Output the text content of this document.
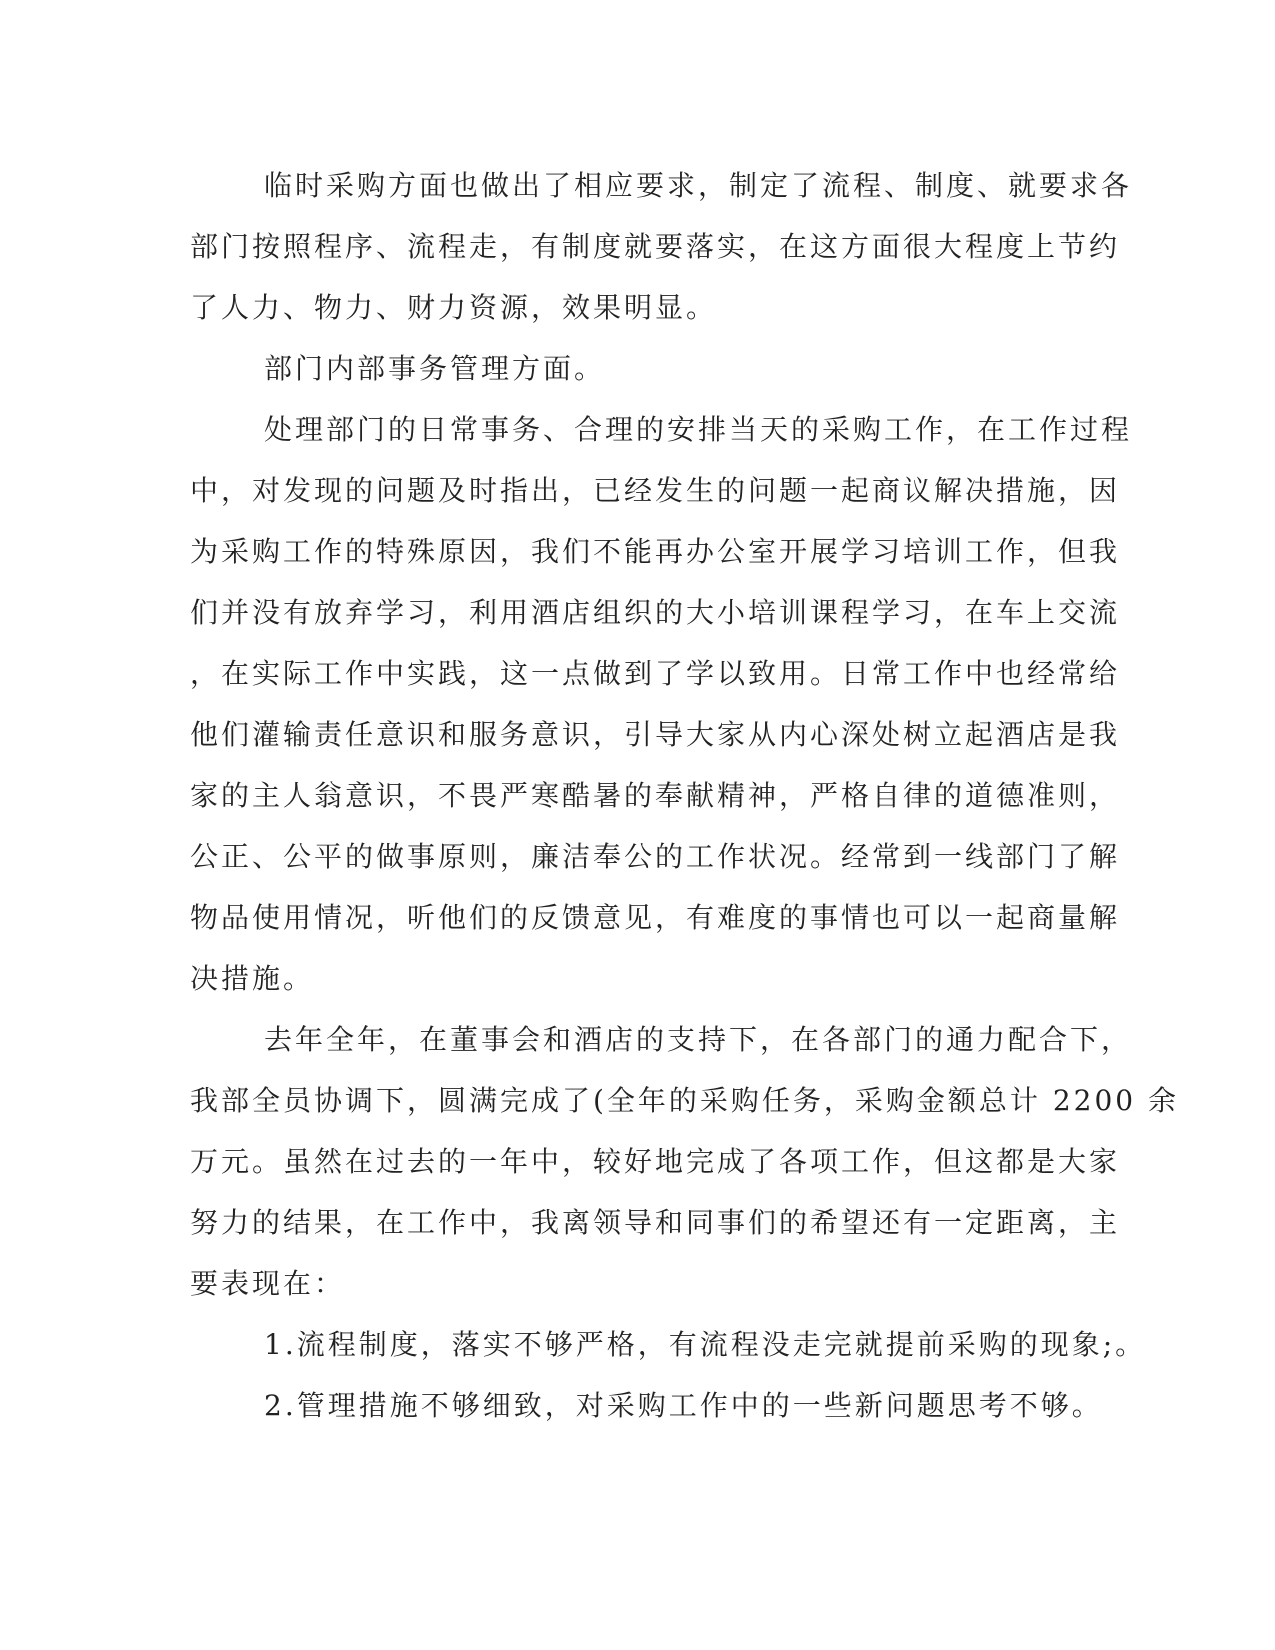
临时采购方面也做出了相应要求，制定了流程、制度、就要求各
部门按照程序、流程走，有制度就要落实，在这方面很大程度上节约
了人力、物力、财力资源，效果明显。
部门内部事务管理方面。
处理部门的日常事务、合理的安排当天的采购工作，在工作过程
中，对发现的问题及时指出，已经发生的问题一起商议解决措施，因
为采购工作的特殊原因，我们不能再办公室开展学习培训工作，但我
们并没有放弃学习，利用酒店组织的大小培训课程学习，在车上交流
，在实际工作中实践，这一点做到了学以致用。日常工作中也经常给
他们灌输责任意识和服务意识，引导大家从内心深处树立起酒店是我
家的主人翁意识，不畏严寒酷暑的奉献精神，严格自律的道德准则，
公正、公平的做事原则，廉洁奉公的工作状况。经常到一线部门了解
物品使用情况，听他们的反馈意见，有难度的事情也可以一起商量解
决措施。
去年全年，在董事会和酒店的支持下，在各部门的通力配合下，
我部全员协调下，圆满完成了(全年的采购任务，采购金额总计 2200 余
万元。虽然在过去的一年中，较好地完成了各项工作，但这都是大家
努力的结果，在工作中，我离领导和同事们的希望还有一定距离，主
要表现在：
1.流程制度，落实不够严格，有流程没走完就提前采购的现象;。
2.管理措施不够细致，对采购工作中的一些新问题思考不够。
